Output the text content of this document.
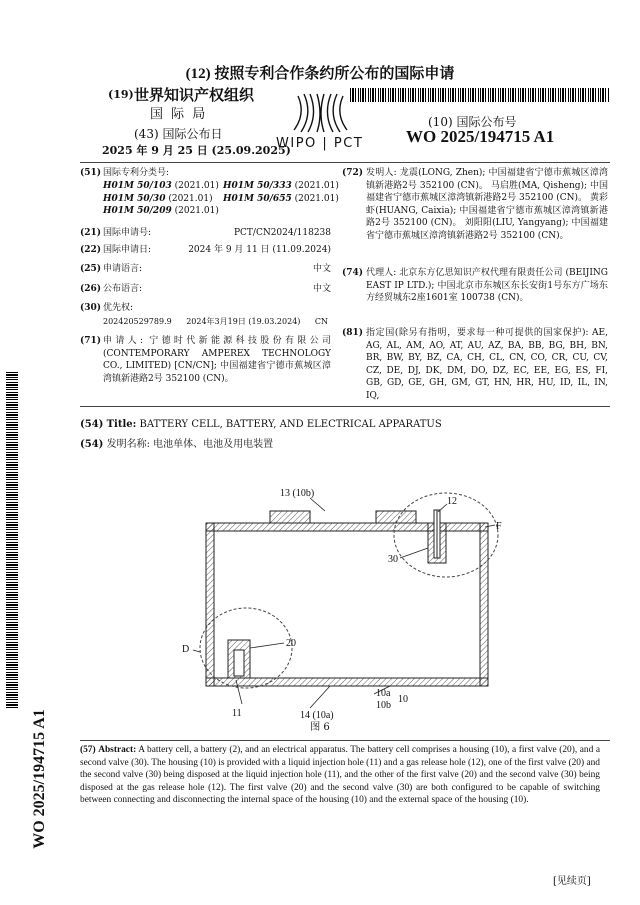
(12) 按照专利合作条约所公布的国际申请
(19) 世界知识产权组织
国 际 局
(43) 国际公布日
2025 年 9 月 25 日 (25.09.2025)
WIPO | PCT
(10) 国际公布号
WO 2025/194715 A1
WO 2025/194715 A1
(51) 国际专利分类号:
H01M 50/103 (2021.01) H01M 50/333 (2021.01)
H01M 50/30 (2021.01)	H01M 50/655 (2021.01)
H01M 50/209 (2021.01)
(21) 国际申请号:	PCT/CN2024/118238
(22) 国际申请日:	2024 年 9 月 11 日 (11.09.2024)
(25) 申请语言:	中文
(26) 公布语言:	中文
(30) 优先权:
202420529789.9 2024年3月19日 (19.03.2024) CN
(71) 申请人: 宁德时代新能源科技股份有限公司 (CONTEMPORARY AMPEREX TECHNOLOGY CO., LIMITED) [CN/CN]; 中国福建省宁德市蕉城区漳湾镇新港路2号 352100 (CN)。
(72) 发明人: 龙震(LONG, Zhen); 中国福建省宁德市蕉城区漳湾镇新港路2号 352100 (CN)。 马启胜(MA, Qisheng); 中国福建省宁德市蕉城区漳湾镇新港路2号 352100 (CN)。 黄彩虾(HUANG, Caixia); 中国福建省宁德市蕉城区漳湾镇新港路2号 352100 (CN)。 刘阳阳(LIU, Yangyang); 中国福建省宁德市蕉城区漳湾镇新港路2号 352100 (CN)。
(74) 代理人: 北京东方亿思知识产权代理有限责任公司 (BEIJING EAST IP LTD.); 中国北京市东城区东长安街1号东方广场东方经贸城东2座1601室 100738 (CN)。
(81) 指定国(除另有指明，要求每一种可提供的国家保护): AE, AG, AL, AM, AO, AT, AU, AZ, BA, BB, BG, BH, BN, BR, BW, BY, BZ, CA, CH, CL, CN, CO, CR, CU, CV, CZ, DE, DJ, DK, DM, DO, DZ, EC, EE, EG, ES, FI, GB, GD, GE, GH, GM, GT, HN, HR, HU, ID, IL, IN, IQ,
(54) Title: BATTERY CELL, BATTERY, AND ELECTRICAL APPARATUS
(54) 发明名称: 电池单体、电池及用电装置
13 (10b)
12
F
30
D
20
11	14 (10a)
10a
10b
10
图 6
(57) Abstract: A battery cell, a battery (2), and an electrical apparatus. The battery cell comprises a housing (10), a first valve (20), and a second valve (30). The housing (10) is provided with a liquid injection hole (11) and a gas release hole (12), one of the first valve (20) and the second valve (30) being disposed at the liquid injection hole (11), and the other of the first valve (20) and the second valve (30) being disposed at the gas release hole (12). The first valve (20) and the second valve (30) are both configured to be capable of switching between connecting and disconnecting the internal space of the housing (10) and the external space of the housing (10).
[见续页]
